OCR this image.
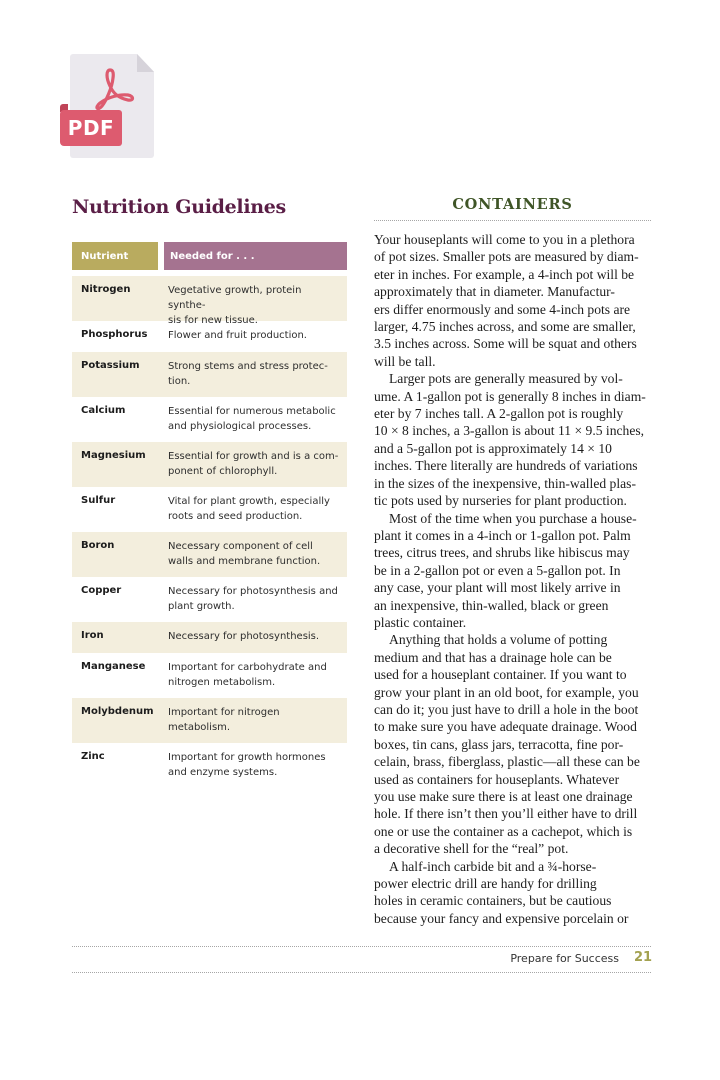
PDF
Nutrition Guidelines
Nutrient	Needed for . . .
Nitrogen	Vegetative growth, protein synthe-
sis for new tissue.
Phosphorus	Flower and fruit production.
Potassium	Strong stems and stress protec-
tion.
Calcium	Essential for numerous metabolic
and physiological processes.
Magnesium	Essential for growth and is a com-
ponent of chlorophyll.
Sulfur	Vital for plant growth, especially
roots and seed production.
Boron	Necessary component of cell
walls and membrane function.
Copper	Necessary for photosynthesis and
plant growth.
Iron	Necessary for photosynthesis.
Manganese	Important for carbohydrate and
nitrogen metabolism.
Molybdenum	Important for nitrogen
metabolism.
Zinc	Important for growth hormones
and enzyme systems.
CONTAINERS
Your houseplants will come to you in a plethora
of pot sizes. Smaller pots are measured by diam-
eter in inches. For example, a 4-inch pot will be
approximately that in diameter. Manufactur-
ers differ enormously and some 4-inch pots are
larger, 4.75 inches across, and some are smaller,
3.5 inches across. Some will be squat and others
will be tall.
Larger pots are generally measured by vol-
ume. A 1-gallon pot is generally 8 inches in diam-
eter by 7 inches tall. A 2-gallon pot is roughly
10 × 8 inches, a 3-gallon is about 11 × 9.5 inches,
and a 5-gallon pot is approximately 14 × 10
inches. There literally are hundreds of variations
in the sizes of the inexpensive, thin-walled plas-
tic pots used by nurseries for plant production.
Most of the time when you purchase a house-
plant it comes in a 4-inch or 1-gallon pot. Palm
trees, citrus trees, and shrubs like hibiscus may
be in a 2-gallon pot or even a 5-gallon pot. In
any case, your plant will most likely arrive in
an inexpensive, thin-walled, black or green
plastic container.
Anything that holds a volume of potting
medium and that has a drainage hole can be
used for a houseplant container. If you want to
grow your plant in an old boot, for example, you
can do it; you just have to drill a hole in the boot
to make sure you have adequate drainage. Wood
boxes, tin cans, glass jars, terracotta, fine por-
celain, brass, fiberglass, plastic—all these can be
used as containers for houseplants. Whatever
you use make sure there is at least one drainage
hole. If there isn’t then you’ll either have to drill
one or use the container as a cachepot, which is
a decorative shell for the “real” pot.
A half-inch carbide bit and a ¾-horse-
power electric drill are handy for drilling
holes in ceramic containers, but be cautious
because your fancy and expensive porcelain or
Prepare for Success 21
